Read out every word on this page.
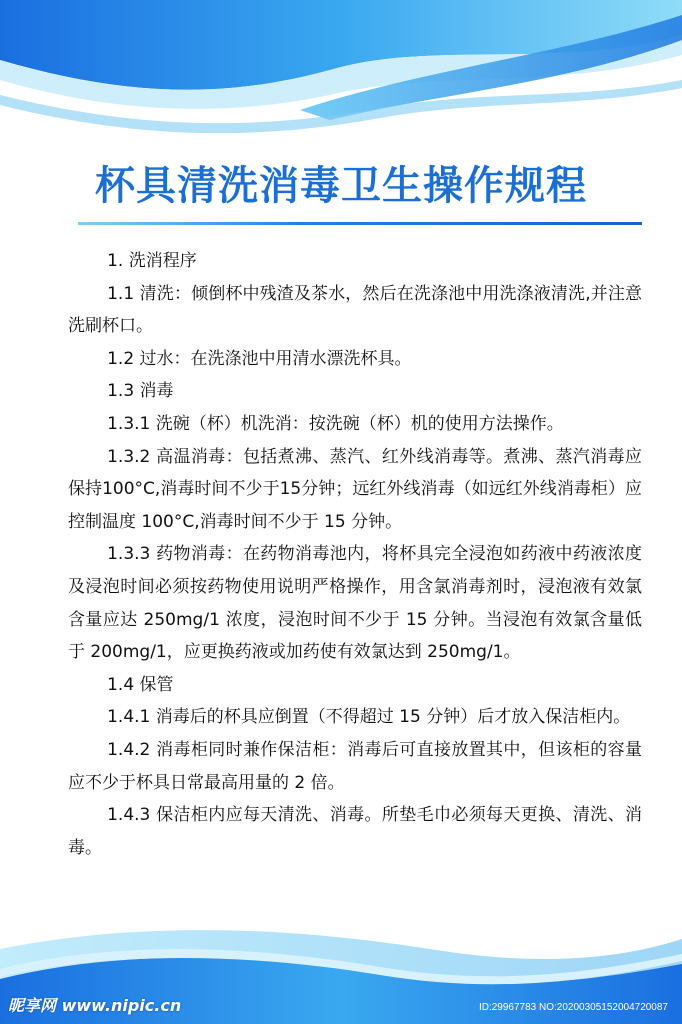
杯具清洗消毒卫生操作规程

1. 洗消程序

1.1 清洗：倾倒杯中残渣及茶水，然后在洗涤池中用洗涤液清洗,并注意洗刷杯口。

1.2 过水：在洗涤池中用清水漂洗杯具。

1.3 消毒

1.3.1 洗碗（杯）机洗消：按洗碗（杯）机的使用方法操作。

1.3.2 高温消毒：包括煮沸、蒸汽、红外线消毒等。煮沸、蒸汽消毒应保持100°C,消毒时间不少于15分钟；远红外线消毒（如远红外线消毒柜）应控制温度 100°C,消毒时间不少于 15 分钟。

1.3.3 药物消毒：在药物消毒池内，将杯具完全浸泡如药液中药液浓度及浸泡时间必须按药物使用说明严格操作，用含氯消毒剂时，浸泡液有效氯含量应达 250mg/1 浓度，浸泡时间不少于 15 分钟。当浸泡有效氯含量低于 200mg/1，应更换药液或加药使有效氯达到 250mg/1。

1.4 保管

1.4.1 消毒后的杯具应倒置（不得超过 15 分钟）后才放入保洁柜内。

1.4.2 消毒柜同时兼作保洁柜：消毒后可直接放置其中，但该柜的容量应不少于杯具日常最高用量的 2 倍。

1.4.3 保洁柜内应每天清洗、消毒。所垫毛巾必须每天更换、清洗、消毒。

昵享网 www.nipic.cn	ID:29967783 NO:20200305152004720087
